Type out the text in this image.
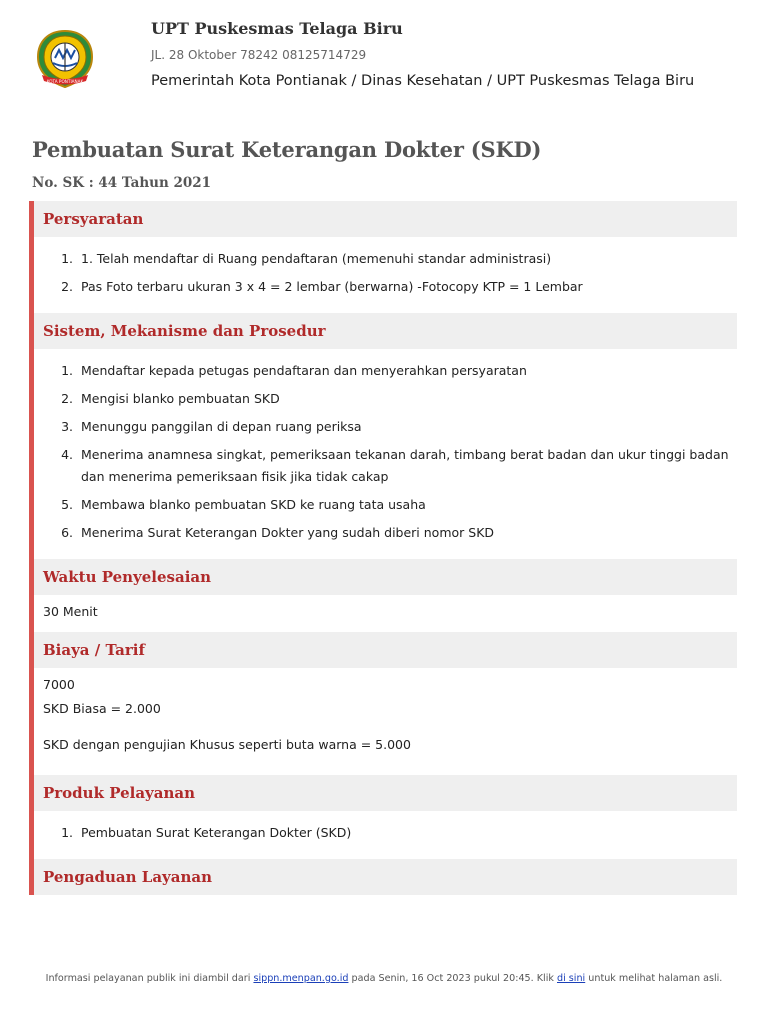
KOTA PONTIANAK
UPT Puskesmas Telaga Biru
JL. 28 Oktober 78242 08125714729
Pemerintah Kota Pontianak / Dinas Kesehatan / UPT Puskesmas Telaga Biru
Pembuatan Surat Keterangan Dokter (SKD)
No. SK : 44 Tahun 2021
Persyaratan
1. 1. Telah mendaftar di Ruang pendaftaran (memenuhi standar administrasi)
2. Pas Foto terbaru ukuran 3 x 4 = 2 lembar (berwarna) -Fotocopy KTP = 1 Lembar
Sistem, Mekanisme dan Prosedur
1. Mendaftar kepada petugas pendaftaran dan menyerahkan persyaratan
2. Mengisi blanko pembuatan SKD
3. Menunggu panggilan di depan ruang periksa
4. Menerima anamnesa singkat, pemeriksaan tekanan darah, timbang berat badan dan ukur tinggi badan dan menerima pemeriksaan fisik jika tidak cakap
5. Membawa blanko pembuatan SKD ke ruang tata usaha
6. Menerima Surat Keterangan Dokter yang sudah diberi nomor SKD
Waktu Penyelesaian

30 Menit

Biaya / Tarif

7000

SKD Biasa = 2.000

SKD dengan pengujian Khusus seperti buta warna = 5.000

Produk Pelayanan
1. Pembuatan Surat Keterangan Dokter (SKD)
Pengaduan Layanan
Informasi pelayanan publik ini diambil dari sippn.menpan.go.id pada Senin, 16 Oct 2023 pukul 20:45. Klik di sini untuk melihat halaman asli.
